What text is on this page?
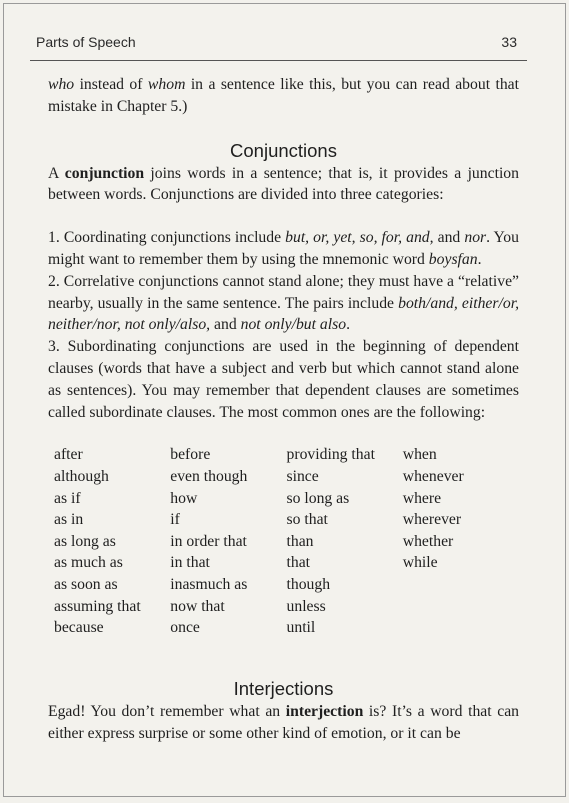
Parts of Speech	33

who instead of whom in a sentence like this, but you can read about that mistake in Chapter 5.)

Conjunctions

A conjunction joins words in a sentence; that is, it provides a junction between words. Conjunctions are divided into three categories:

1. Coordinating conjunctions include but, or, yet, so, for, and, and nor. You might want to remember them by using the mnemonic word boysfan.

2. Correlative conjunctions cannot stand alone; they must have a “relative” nearby, usually in the same sentence. The pairs include both/and, either/or, neither/nor, not only/also, and not only/but also.

3. Subordinating conjunctions are used in the beginning of dependent clauses (words that have a subject and verb but which cannot stand alone as sentences). You may remember that dependent clauses are sometimes called subordinate clauses. The most common ones are the following:

after
although
as if
as in
as long as
as much as
as soon as
assuming that
because
before
even though
how
if
in order that
in that
inasmuch as
now that
once
providing that
since
so long as
so that
than
that
though
unless
until
when
whenever
where
wherever
whether
while
Interjections

Egad! You don’t remember what an interjection is? It’s a word that can either express surprise or some other kind of emotion, or it can be
